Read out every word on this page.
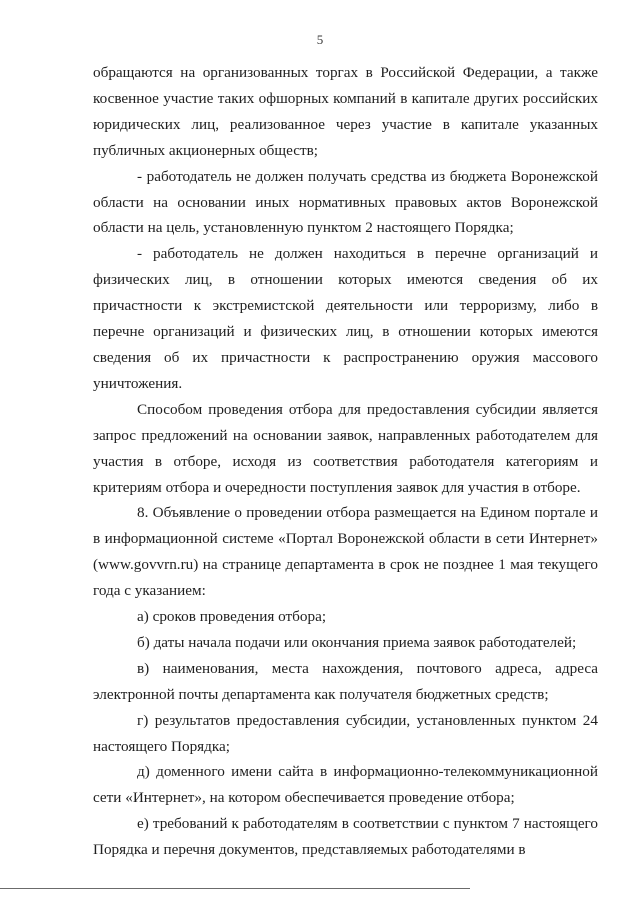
5

обращаются на организованных торгах в Российской Федерации, а также косвенное участие таких офшорных компаний в капитале других российских юридических лиц, реализованное через участие в капитале указанных публичных акционерных обществ;

- работодатель не должен получать средства из бюджета Воронежской области на основании иных нормативных правовых актов Воронежской области на цель, установленную пунктом 2 настоящего Порядка;

- работодатель не должен находиться в перечне организаций и физических лиц, в отношении которых имеются сведения об их причастности к экстремистской деятельности или терроризму, либо в перечне организаций и физических лиц, в отношении которых имеются сведения об их причастности к распространению оружия массового уничтожения.

Способом проведения отбора для предоставления субсидии является запрос предложений на основании заявок, направленных работодателем для участия в отборе, исходя из соответствия работодателя категориям и критериям отбора и очередности поступления заявок для участия в отборе.

8. Объявление о проведении отбора размещается на Едином портале и в информационной системе «Портал Воронежской области в сети Интернет» (www.govvrn.ru) на странице департамента в срок не позднее 1 мая текущего года с указанием:

а) сроков проведения отбора;

б) даты начала подачи или окончания приема заявок работодателей;

в) наименования, места нахождения, почтового адреса, адреса электронной почты департамента как получателя бюджетных средств;

г) результатов предоставления субсидии, установленных пунктом 24 настоящего Порядка;

д) доменного имени сайта в информационно-телекоммуникационной сети «Интернет», на котором обеспечивается проведение отбора;

е) требований к работодателям в соответствии с пунктом 7 настоящего Порядка и перечня документов, представляемых работодателями в
